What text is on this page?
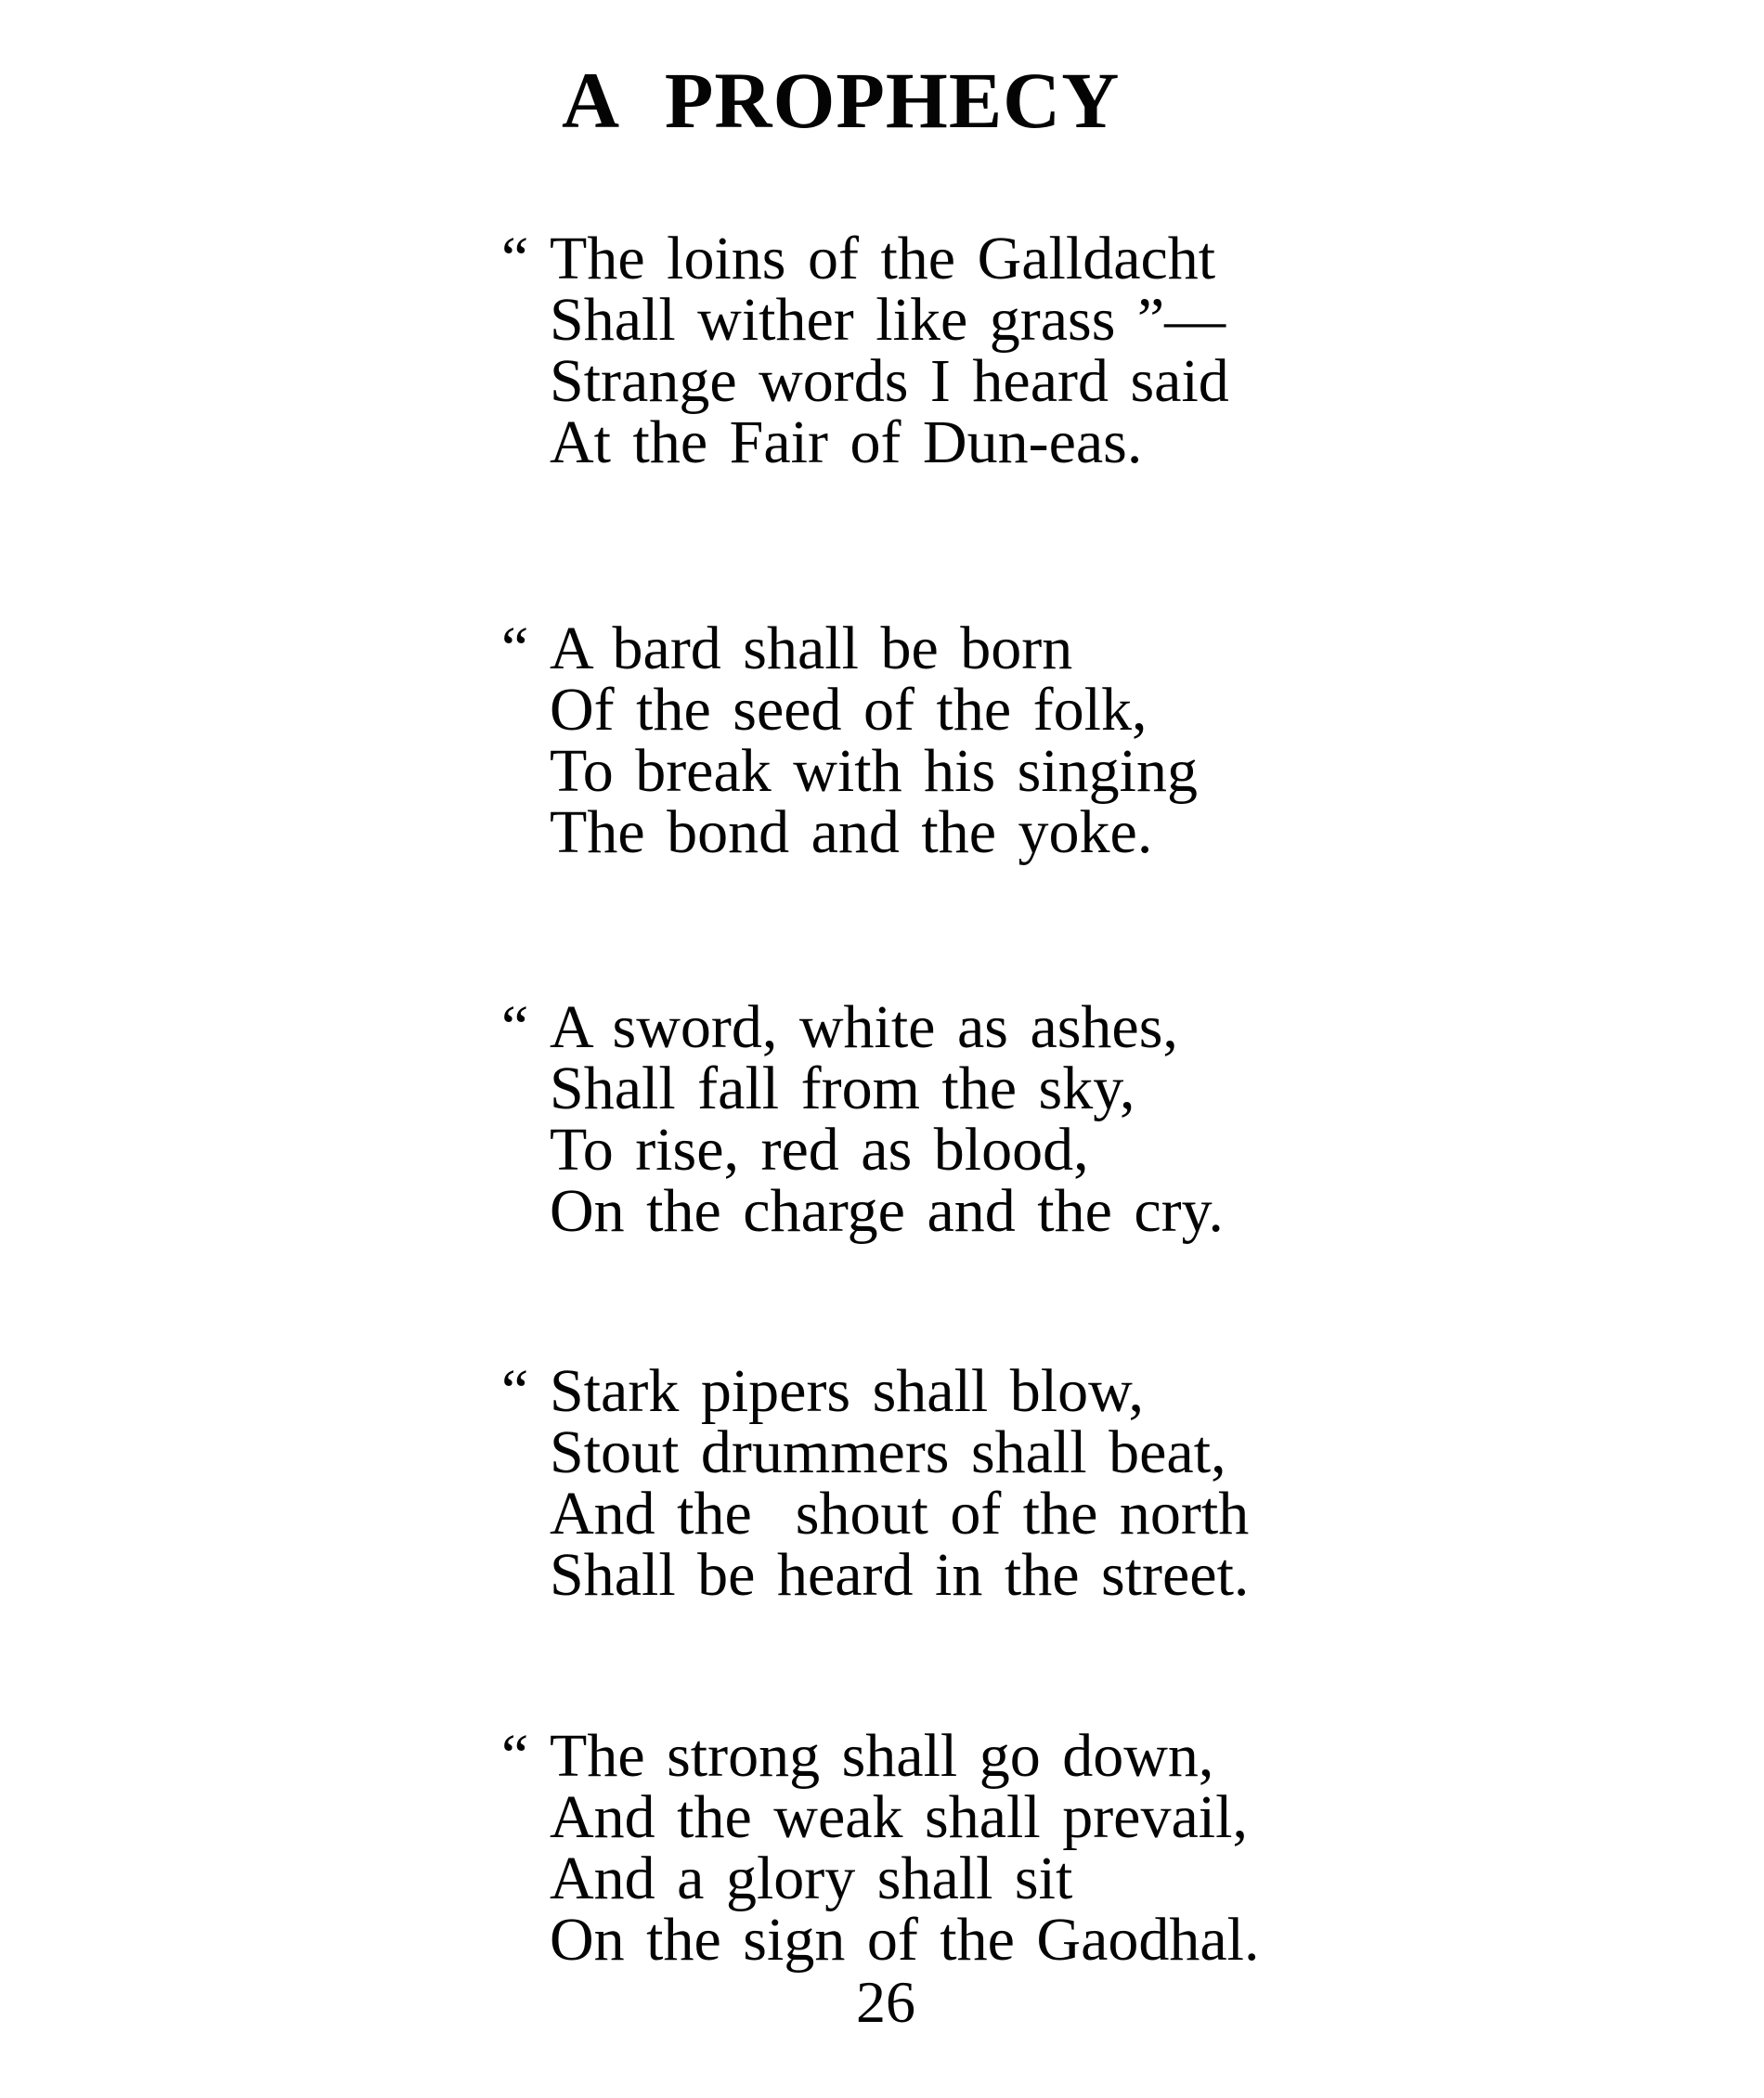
A PROPHECY
“ The loins of the Galldacht
Shall wither like grass ”—
Strange words I heard said
At the Fair of Dun-eas.
“ A bard shall be born
Of the seed of the folk,
To break with his singing
The bond and the yoke.
“ A sword, white as ashes,
Shall fall from the sky,
To rise, red as blood,
On the charge and the cry.
“ Stark pipers shall blow,
Stout drummers shall beat,
And the  shout of the north
Shall be heard in the street.
“ The strong shall go down,
And the weak shall prevail,
And a glory shall sit
On the sign of the Gaodhal.
26
